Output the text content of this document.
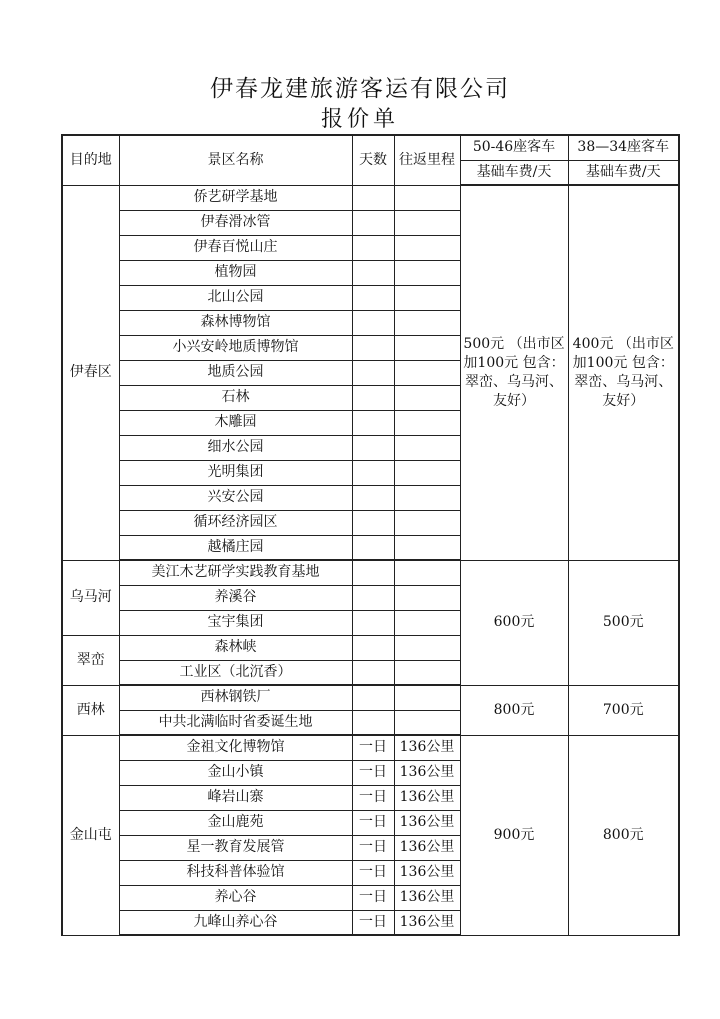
伊春龙建旅游客运有限公司
报价单
目的地	景区名称	天数	往返里程	50-46座客车	38—34座客车
				基础车费/天	基础车费/天
伊春区	侨艺研学基地			500元 （出市区加100元 包含：翠峦、乌马河、友好）	400元 （出市区加100元 包含：翠峦、乌马河、友好）
	伊春滑冰管				
	伊春百悦山庄				
	植物园				
	北山公园				
	森林博物馆				
	小兴安岭地质博物馆				
	地质公园				
	石林				
	木雕园				
	细水公园				
	光明集团				
	兴安公园				
	循环经济园区				
	越橘庄园				
乌马河	美江木艺研学实践教育基地			600元	500元
	养溪谷				
	宝宇集团				
翠峦	森林峡				
	工业区（北沉香）				
西林	西林钢铁厂			800元	700元
	中共北满临时省委诞生地				
金山屯	金祖文化博物馆	一日	136公里	900元	800元
	金山小镇	一日	136公里		
	峰岩山寨	一日	136公里		
	金山鹿苑	一日	136公里		
	星一教育发展管	一日	136公里		
	科技科普体验馆	一日	136公里		
	养心谷	一日	136公里		
	九峰山养心谷	一日	136公里		
